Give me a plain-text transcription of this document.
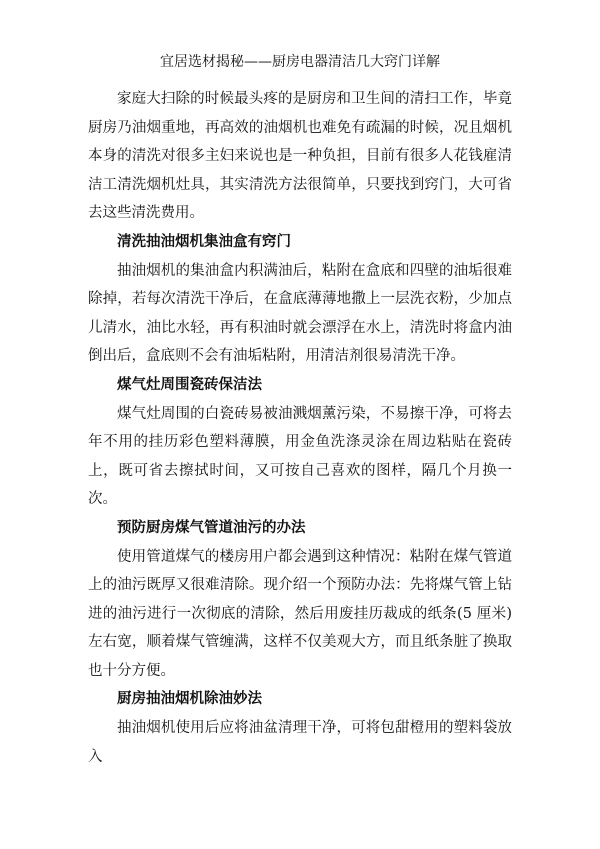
宜居选材揭秘——厨房电器清洁几大窍门详解

家庭大扫除的时候最头疼的是厨房和卫生间的清扫工作，毕竟厨房乃油烟重地，再高效的油烟机也难免有疏漏的时候，况且烟机本身的清洗对很多主妇来说也是一种负担，目前有很多人花钱雇清洁工清洗烟机灶具，其实清洗方法很简单，只要找到窍门，大可省去这些清洗费用。

清洗抽油烟机集油盒有窍门

抽油烟机的集油盒内积满油后，粘附在盒底和四壁的油垢很难除掉，若每次清洗干净后，在盒底薄薄地撒上一层洗衣粉，少加点儿清水，油比水轻，再有积油时就会漂浮在水上，清洗时将盒内油倒出后，盒底则不会有油垢粘附，用清洁剂很易清洗干净。

煤气灶周围瓷砖保洁法

煤气灶周围的白瓷砖易被油溅烟薰污染，不易擦干净，可将去年不用的挂历彩色塑料薄膜，用金鱼洗涤灵涂在周边粘贴在瓷砖上，既可省去擦拭时间，又可按自己喜欢的图样，隔几个月换一次。

预防厨房煤气管道油污的办法

使用管道煤气的楼房用户都会遇到这种情况：粘附在煤气管道上的油污既厚又很难清除。现介绍一个预防办法：先将煤气管上钻进的油污进行一次彻底的清除，然后用废挂历裁成的纸条(5 厘米)左右宽，顺着煤气管缠满，这样不仅美观大方，而且纸条脏了换取也十分方便。

厨房抽油烟机除油妙法

抽油烟机使用后应将油盆清理干净，可将包甜橙用的塑料袋放入
